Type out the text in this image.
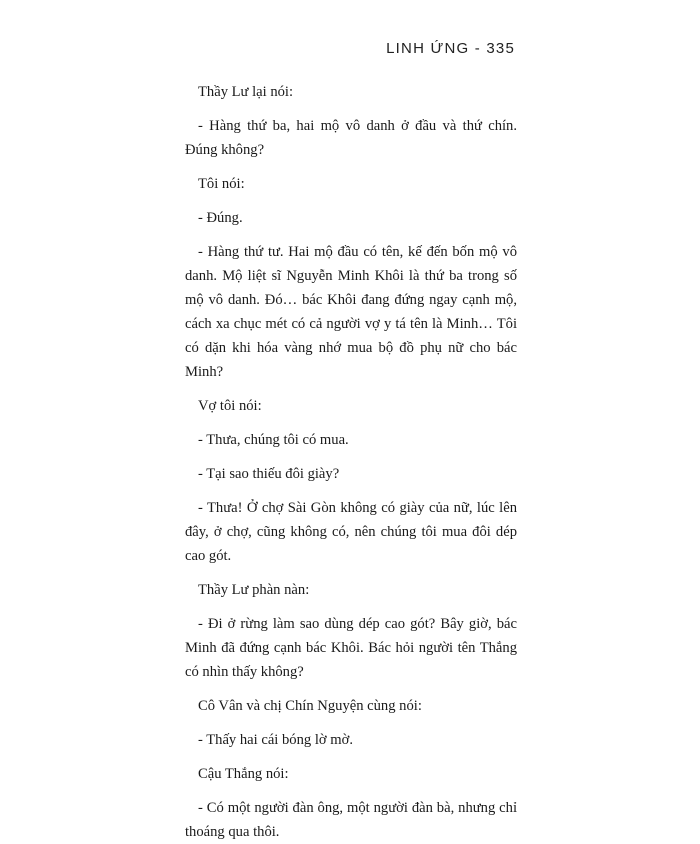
LINH ỨNG - 335

Thầy Lư lại nói:

- Hàng thứ ba, hai mộ vô danh ở đầu và thứ chín. Đúng không?

Tôi nói:

- Đúng.

- Hàng thứ tư. Hai mộ đầu có tên, kế đến bốn mộ vô danh. Mộ liệt sĩ Nguyễn Minh Khôi là thứ ba trong số mộ vô danh. Đó… bác Khôi đang đứng ngay cạnh mộ, cách xa chục mét có cả người vợ y tá tên là Minh… Tôi có dặn khi hóa vàng nhớ mua bộ đồ phụ nữ cho bác Minh?

Vợ tôi nói:

- Thưa, chúng tôi có mua.

- Tại sao thiếu đôi giày?

- Thưa! Ở chợ Sài Gòn không có giày của nữ, lúc lên đây, ở chợ, cũng không có, nên chúng tôi mua đôi dép cao gót.

Thầy Lư phàn nàn:

- Đi ở rừng làm sao dùng dép cao gót? Bây giờ, bác Minh đã đứng cạnh bác Khôi. Bác hỏi người tên Thắng có nhìn thấy không?

Cô Vân và chị Chín Nguyện cùng nói:

- Thấy hai cái bóng lờ mờ.

Cậu Thắng nói:

- Có một người đàn ông, một người đàn bà, nhưng chỉ thoáng qua thôi.
